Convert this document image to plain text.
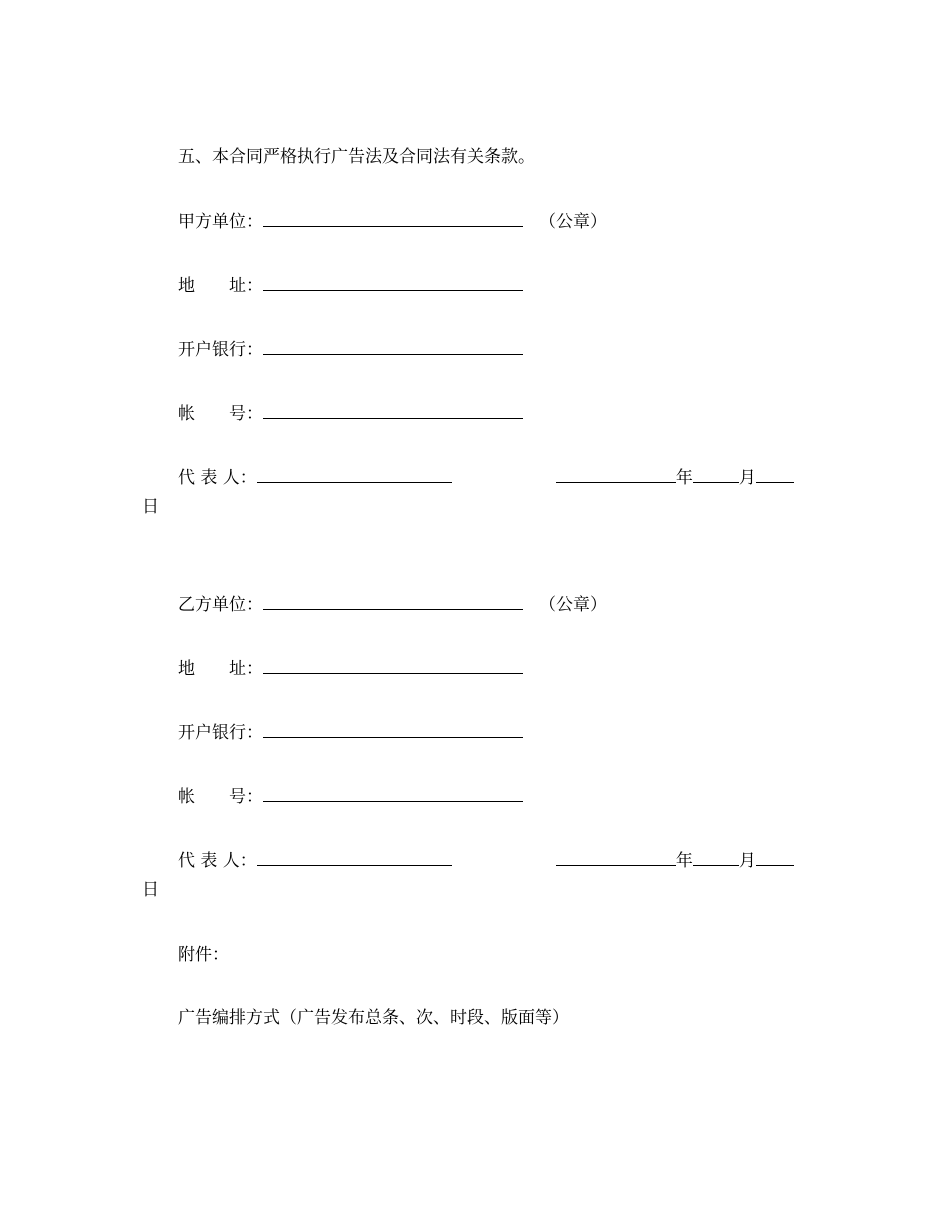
五、本合同严格执行广告法及合同法有关条款。
甲方单位：	（公章）
地　　址：
开户银行：
帐　　号：
代 表 人：	年	月
日
乙方单位：	（公章）
地　　址：
开户银行：
帐　　号：
代 表 人：	年	月
日
附件：
广告编排方式（广告发布总条、次、时段、版面等）
